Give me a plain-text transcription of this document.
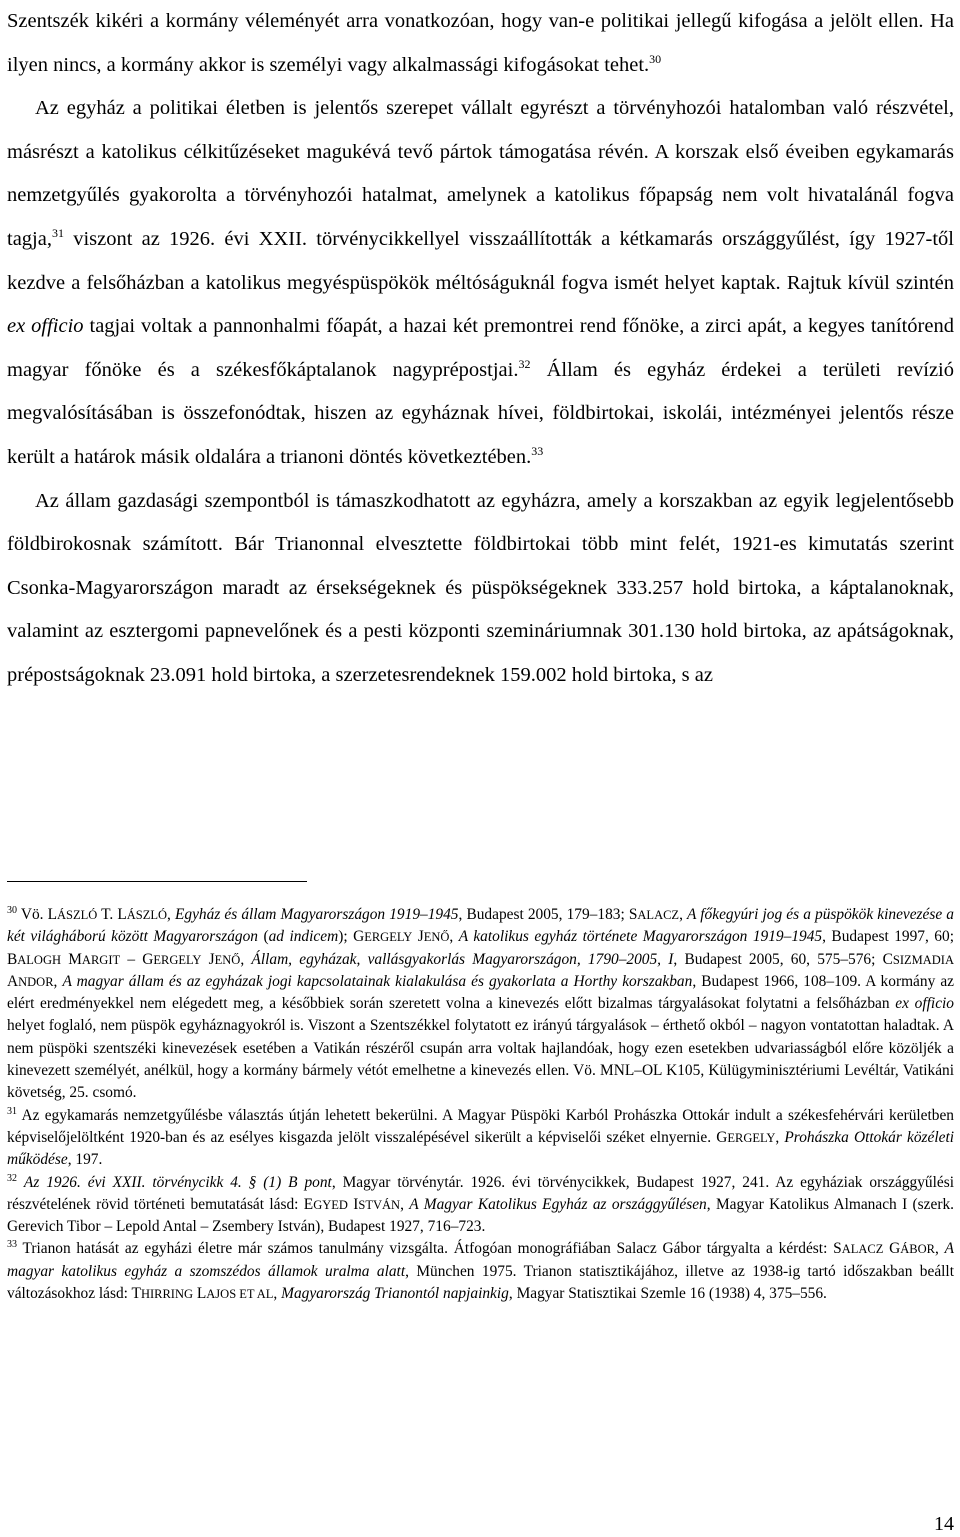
Szentszék kikéri a kormány véleményét arra vonatkozóan, hogy van-e politikai jellegű kifogása a jelölt ellen. Ha ilyen nincs, a kormány akkor is személyi vagy alkalmassági kifogásokat tehet.$^{30}$

Az egyház a politikai életben is jelentős szerepet vállalt egyrészt a törvényhozói hatalomban való részvétel, másrészt a katolikus célkitűzéseket magukévá tevő pártok támogatása révén. A korszak első éveiben egykamarás nemzetgyűlés gyakorolta a törvényhozói hatalmat, amelynek a katolikus főpapság nem volt hivatalánál fogva tagja,$^{31}$ viszont az 1926. évi XXII. törvénycikkellyel visszaállították a kétkamarás országgyűlést, így 1927-től kezdve a felsőházban a katolikus megyéspüspökök méltóságuknál fogva ismét helyet kaptak. Rajtuk kívül szintén ex officio tagjai voltak a pannonhalmi főapát, a hazai két premontrei rend főnöke, a zirci apát, a kegyes tanítórend magyar főnöke és a székesfőkáptalanok nagyprépostjai.$^{32}$ Állam és egyház érdekei a területi revízió megvalósításában is összefonódtak, hiszen az egyháznak hívei, földbirtokai, iskolái, intézményei jelentős része került a határok másik oldalára a trianoni döntés következtében.$^{33}$

Az állam gazdasági szempontból is támaszkodhatott az egyházra, amely a korszakban az egyik legjelentősebb földbirokosnak számított. Bár Trianonnal elvesztette földbirtokai több mint felét, 1921-es kimutatás szerint Csonka-Magyarországon maradt az érsekségeknek és püspökségeknek 333.257 hold birtoka, a káptalanoknak, valamint az esztergomi papnevelőnek és a pesti központi szemináriumnak 301.130 hold birtoka, az apátságoknak, prépostságoknak 23.091 hold birtoka, a szerzetesrendeknek 159.002 hold birtoka, s az

$^{30}$ Vö. LÁSZLÓ T. LÁSZLÓ, Egyház és állam Magyarországon 1919–1945, Budapest 2005, 179–183; SALACZ, A főkegyúri jog és a püspökök kinevezése a két világháború között Magyarországon (ad indicem); GERGELY JENŐ, A katolikus egyház története Magyarországon 1919–1945, Budapest 1997, 60; BALOGH MARGIT – GERGELY JENŐ, Állam, egyházak, vallásgyakorlás Magyarországon, 1790–2005, I, Budapest 2005, 60, 575–576; CSIZMADIA ANDOR, A magyar állam és az egyházak jogi kapcsolatainak kialakulása és gyakorlata a Horthy korszakban, Budapest 1966, 108–109. A kormány az elért eredményekkel nem elégedett meg, a későbbiek során szeretett volna a kinevezés előtt bizalmas tárgyalásokat folytatni a felsőházban ex officio helyet foglaló, nem püspök egyháznagyokról is. Viszont a Szentszékkel folytatott ez irányú tárgyalások – érthető okból – nagyon vontatottan haladtak. A nem püspöki szentszéki kinevezések esetében a Vatikán részéről csupán arra voltak hajlandóak, hogy ezen esetekben udvariasságból előre közöljék a kinevezett személyét, anélkül, hogy a kormány bármely vétót emelhetne a kinevezés ellen. Vö. MNL–OL K105, Külügyminisztériumi Levéltár, Vatikáni követség, 25. csomó.

$^{31}$ Az egykamarás nemzetgyűlésbe választás útján lehetett bekerülni. A Magyar Püspöki Karból Prohászka Ottokár indult a székesfehérvári kerületben képviselőjelöltként 1920-ban és az esélyes kisgazda jelölt visszalépésével sikerült a képviselői széket elnyernie. GERGELY, Prohászka Ottokár közéleti működése, 197.

$^{32}$ Az 1926. évi XXII. törvénycikk 4. § (1) B pont, Magyar törvénytár. 1926. évi törvénycikkek, Budapest 1927, 241. Az egyháziak országgyűlési részvételének rövid történeti bemutatását lásd: EGYED ISTVÁN, A Magyar Katolikus Egyház az országgyűlésen, Magyar Katolikus Almanach I (szerk. Gerevich Tibor – Lepold Antal – Zsembery István), Budapest 1927, 716–723.

$^{33}$ Trianon hatását az egyházi életre már számos tanulmány vizsgálta. Átfogóan monográfiában Salacz Gábor tárgyalta a kérdést: SALACZ GÁBOR, A magyar katolikus egyház a szomszédos államok uralma alatt, München 1975. Trianon statisztikájához, illetve az 1938-ig tartó időszakban beállt változásokhoz lásd: THIRRING LAJOS ET AL, Magyarország Trianontól napjainkig, Magyar Statisztikai Szemle 16 (1938) 4, 375–556.

14
